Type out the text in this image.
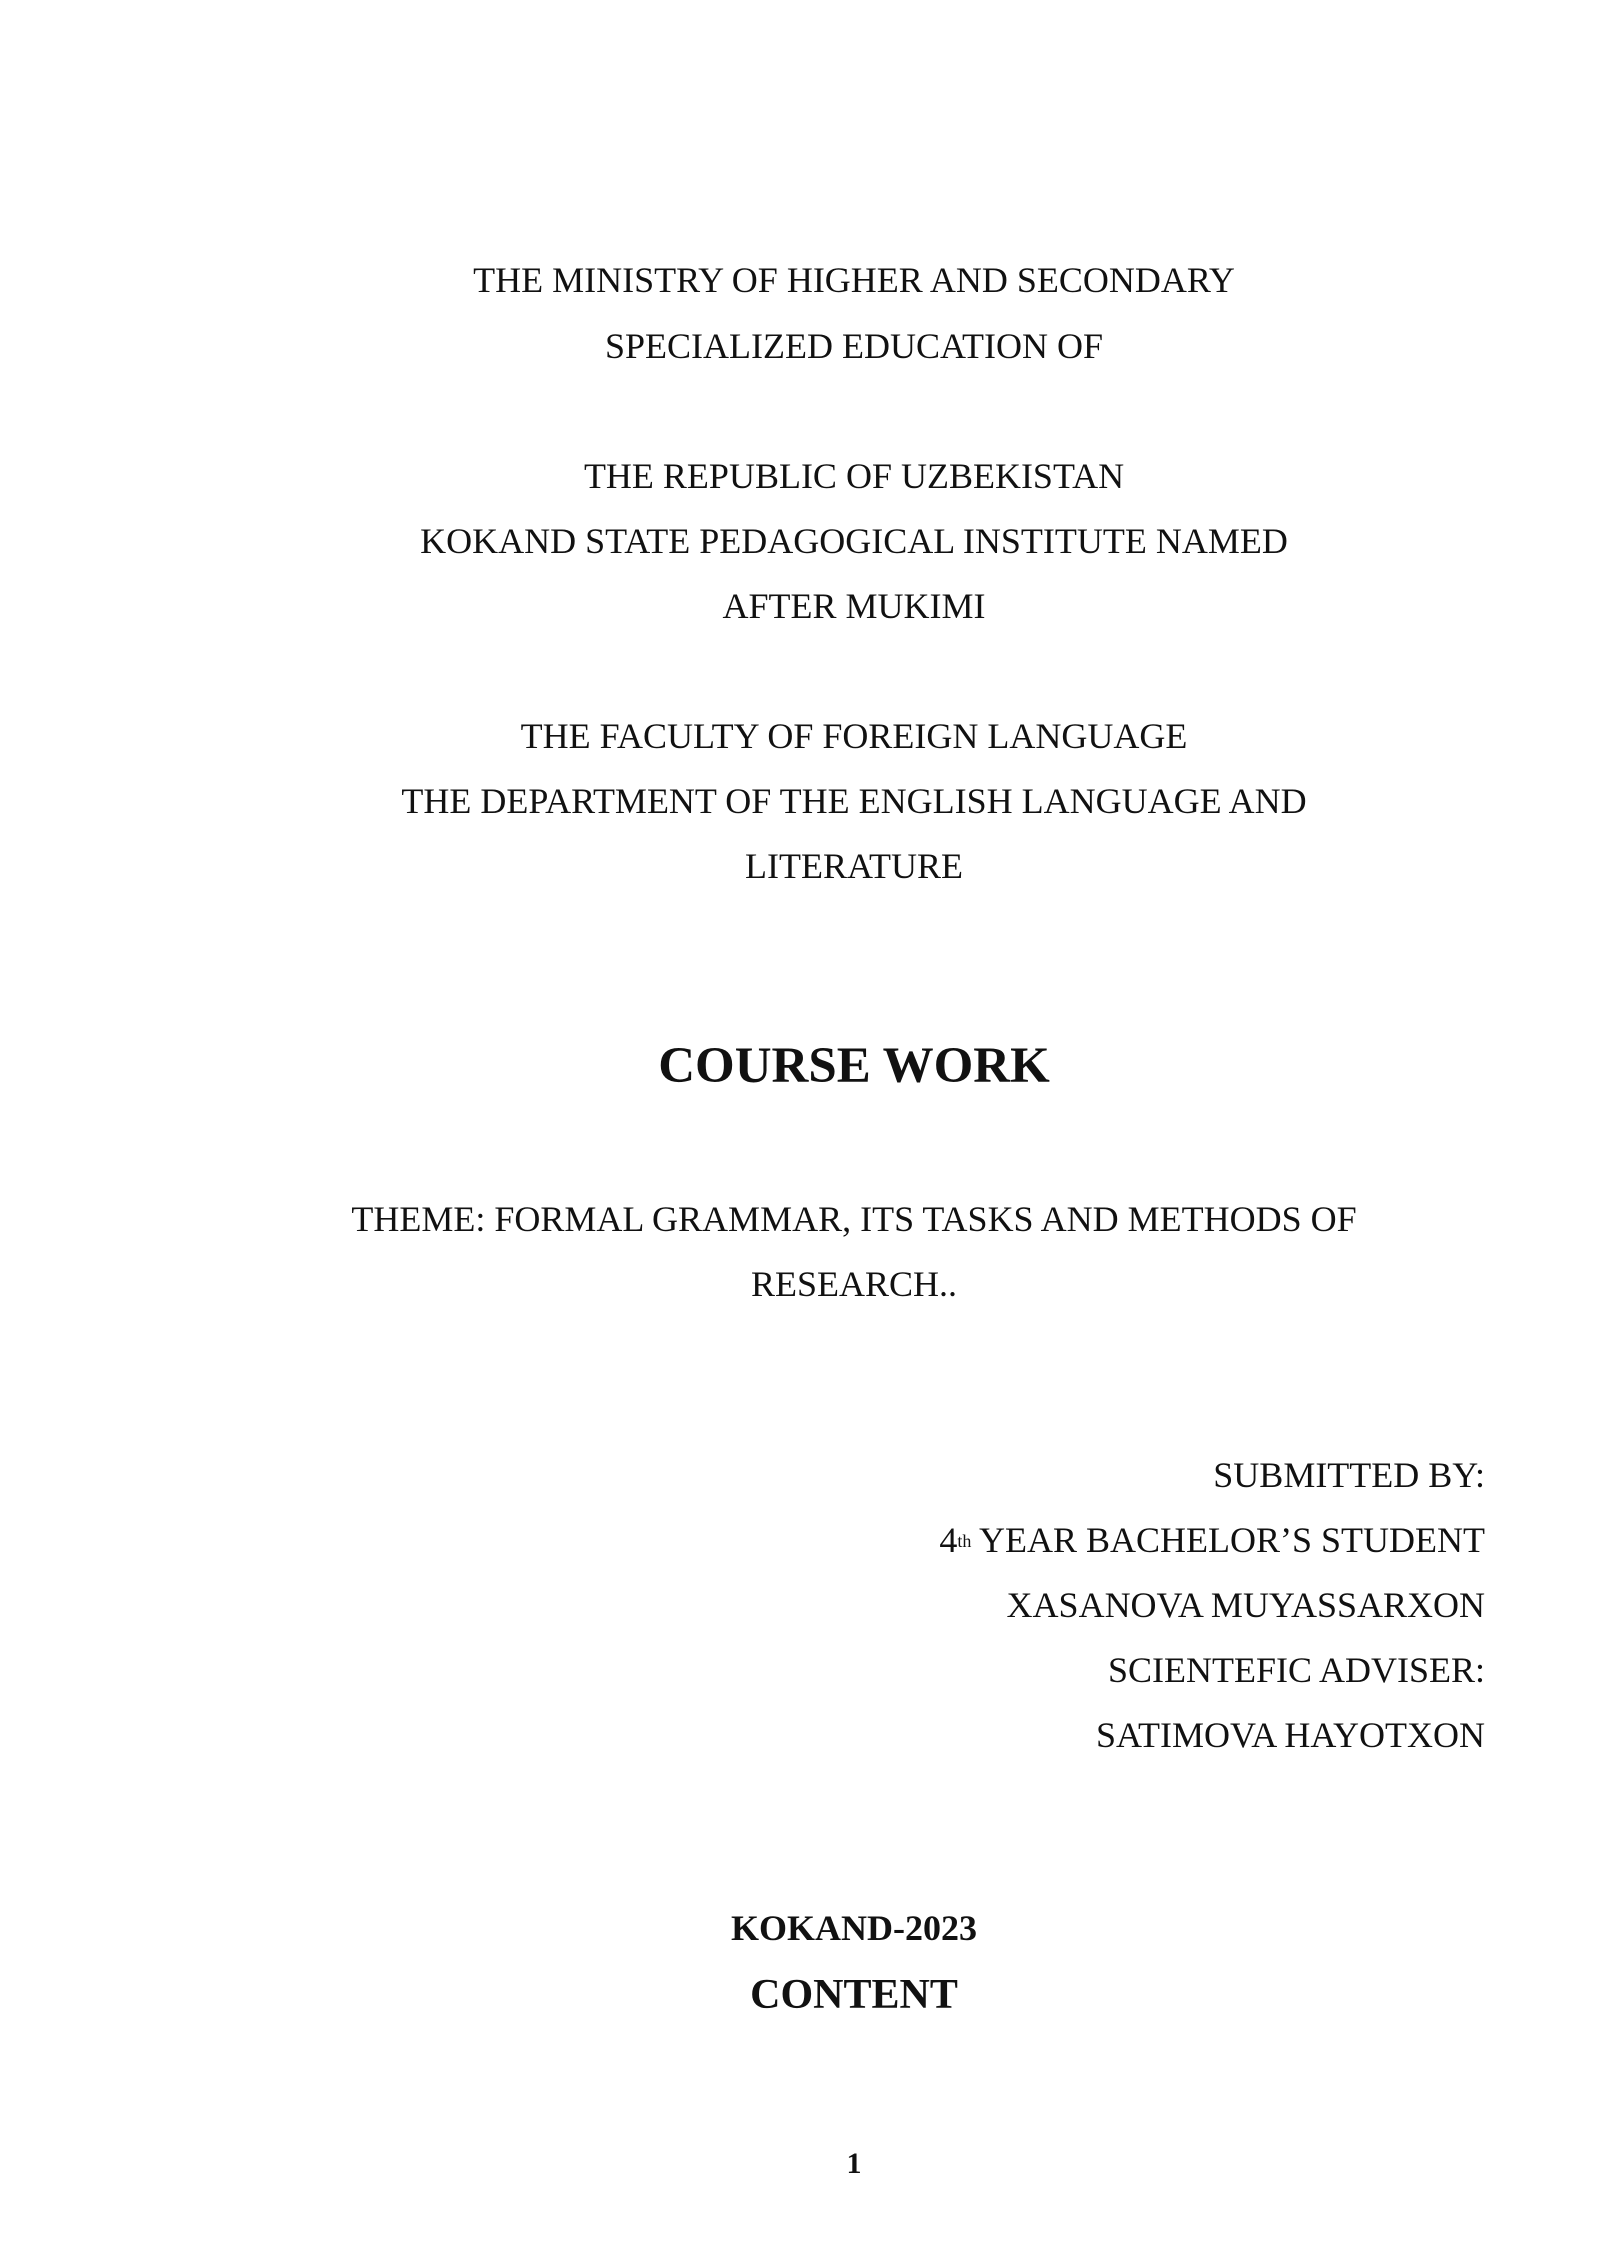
THE MINISTRY OF HIGHER AND SECONDARY

SPECIALIZED EDUCATION OF

THE REPUBLIC OF UZBEKISTAN

KOKAND STATE PEDAGOGICAL INSTITUTE NAMED

AFTER MUKIMI

THE FACULTY OF FOREIGN LANGUAGE

THE DEPARTMENT OF THE ENGLISH LANGUAGE AND

LITERATURE

COURSE WORK

THEME: FORMAL GRAMMAR, ITS TASKS AND METHODS OF

RESEARCH..

SUBMITTED BY:

4th YEAR BACHELOR’S STUDENT

XASANOVA MUYASSARXON

SCIENTEFIC ADVISER:

SATIMOVA HAYOTXON

KOKAND-2023

CONTENT

1
